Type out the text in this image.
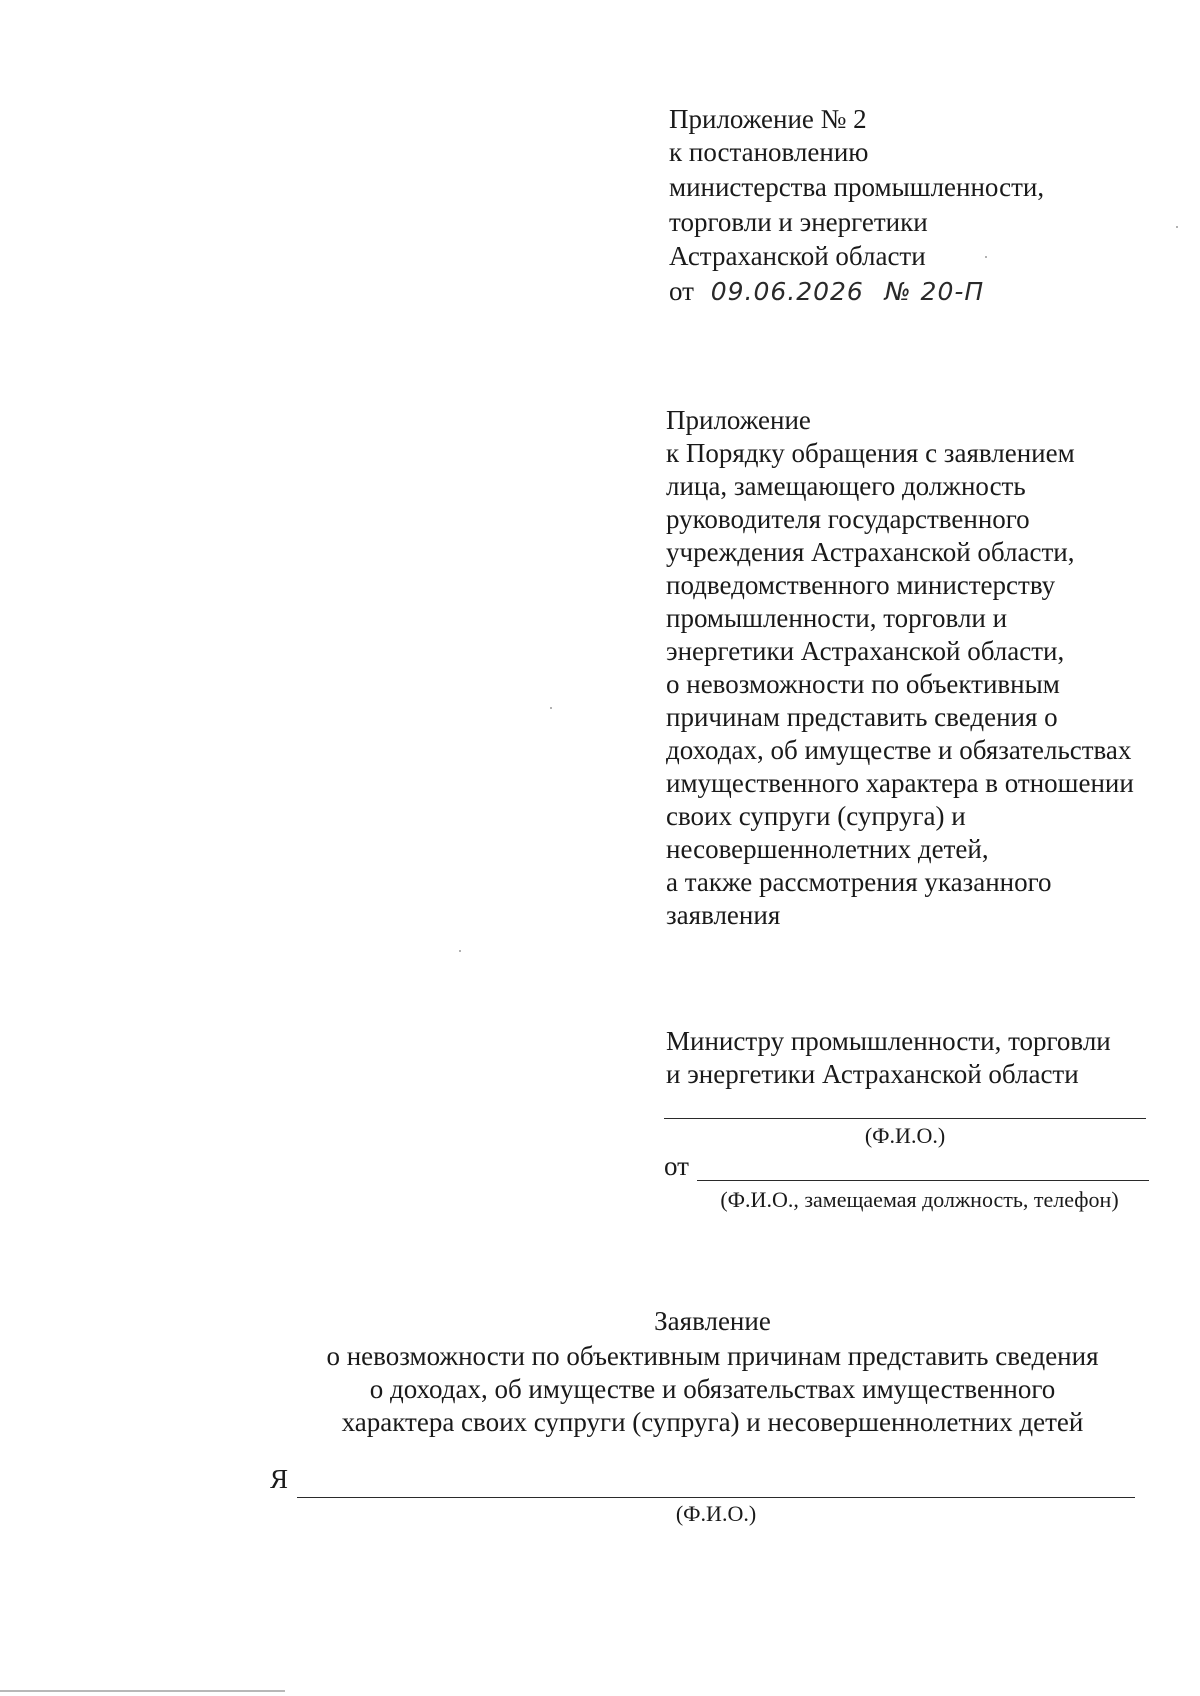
Приложение № 2
к постановлению
министерства промышленности,
торговли и энергетики
Астраханской области
от 09.06.2026 № 20-П
Приложение
к Порядку обращения с заявлением
лица, замещающего должность
руководителя государственного
учреждения Астраханской области,
подведомственного министерству
промышленности, торговли и
энергетики Астраханской области,
о невозможности по объективным
причинам представить сведения о
доходах, об имуществе и обязательствах
имущественного характера в отношении
своих супруги (супруга) и
несовершеннолетних детей,
а также рассмотрения указанного
заявления
Министру промышленности, торговли
и энергетики Астраханской области
(Ф.И.О.)
от
(Ф.И.О., замещаемая должность, телефон)
Заявление
о невозможности по объективным причинам представить сведения
о доходах, об имуществе и обязательствах имущественного
характера своих супруги (супруга) и несовершеннолетних детей
Я
(Ф.И.О.)
